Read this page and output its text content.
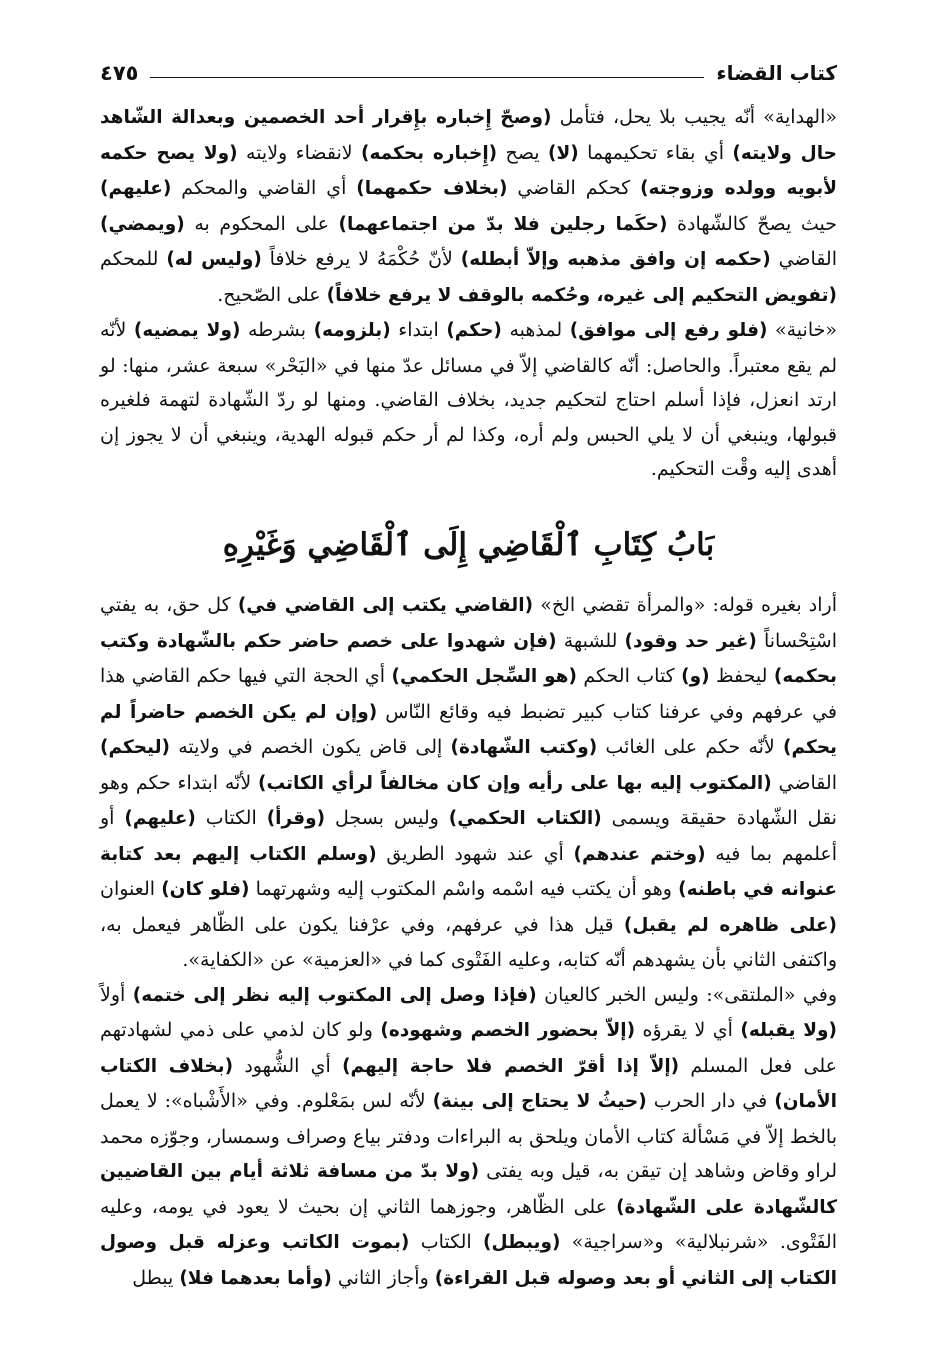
كتاب القضاء
٤٧٥
«الهداية» أنّه يجيب بلا يحل، فتأمل (وصحّ إِخباره بإِقرار أحد الخصمين وبعدالة الشّاهد حال ولايته) أي بقاء تحكيمهما (لا) يصح (إِخباره بحكمه) لانقضاء ولايته (ولا يصح حكمه لأبويه وولده وزوجته) كحكم القاضي (بخلاف حكمهما) أي القاضي والمحكم (عليهم) حيث يصحّ كالشّهادة (حكَما رجلين فلا بدّ من اجتماعهما) على المحكوم به (ويمضي) القاضي (حكمه إن وافق مذهبه وإلاّ أبطله) لأنّ حُكْمَهُ لا يرفع خلافاً (وليس له) للمحكم (تفويض التحكيم إلى غيره، وحُكمه بالوقف لا يرفع خلافاً) على الصّحيح.
«خانية» (فلو رفع إلى موافق) لمذهبه (حكم) ابتداء (بلزومه) بشرطه (ولا يمضيه) لأنّه لم يقع معتبراً. والحاصل: أنّه كالقاضي إلاّ في مسائل عدّ منها في «البَحْر» سبعة عشر، منها: لو ارتد انعزل، فإذا أسلم احتاج لتحكيم جديد، بخلاف القاضي. ومنها لو ردّ الشّهادة لتهمة فلغيره قبولها، وينبغي أن لا يلي الحبس ولم أره، وكذا لم أر حكم قبوله الهدية، وينبغي أن لا يجوز إن أهدى إليه وقْت التحكيم.
بَابُ كِتَابِ ٱلْقَاضِي إِلَى ٱلْقَاضِي وَغَيْرِهِ
أراد بغيره قوله: «والمرأة تقضي الخ» (القاضي يكتب إلى القاضي في) كل حق، به يفتي اسْتِحْساناً (غير حد وقود) للشبهة (فإن شهدوا على خصم حاضر حكم بالشّهادة وكتب بحكمه) ليحفظ (و) كتاب الحكم (هو السِّجل الحكمي) أي الحجة التي فيها حكم القاضي هذا في عرفهم وفي عرفنا كتاب كبير تضبط فيه وقائع النّاس (وإن لم يكن الخصم حاضراً لم يحكم) لأنّه حكم على الغائب (وكتب الشّهادة) إلى قاض يكون الخصم في ولايته (ليحكم) القاضي (المكتوب إليه بها على رأيه وإن كان مخالفاً لرأي الكاتب) لأنّه ابتداء حكم وهو نقل الشّهادة حقيقة ويسمى (الكتاب الحكمي) وليس بسجل (وقرأ) الكتاب (عليهم) أو أعلمهم بما فيه (وختم عندهم) أي عند شهود الطريق (وسلم الكتاب إليهم بعد كتابة عنوانه في باطنه) وهو أن يكتب فيه اسْمه واسْم المكتوب إليه وشهرتهما (فلو كان) العنوان (على ظاهره لم يقبل) قيل هذا في عرفهم، وفي عرْفنا يكون على الظّاهر فيعمل به، واكتفى الثاني بأن يشهدهم أنّه كتابه، وعليه الفَتْوى كما في «العزمية» عن «الكفاية».
وفي «الملتقى»: وليس الخبر كالعيان (فإذا وصل إلى المكتوب إليه نظر إلى ختمه) أولاً (ولا يقبله) أي لا يقرؤه (إلاّ بحضور الخصم وشهوده) ولو كان لذمي على ذمي لشهادتهم على فعل المسلم (إلاّ إذا أقرّ الخصم فلا حاجة إليهم) أي الشُّهود (بخلاف الكتاب الأمان) في دار الحرب (حيثُ لا يحتاج إلى بينة) لأنّه لس بمَعْلوم. وفي «الأَشْباه»: لا يعمل بالخط إلاّ في مَسْألة كتاب الأمان ويلحق به البراءات ودفتر بياع وصراف وسمسار، وجوّزه محمد لراو وقاض وشاهد إن تيقن به، قيل وبه يفتى (ولا بدّ من مسافة ثلاثة أيام بين القاضيين كالشّهادة على الشّهادة) على الظّاهر، وجوزهما الثاني إن بحيث لا يعود في يومه، وعليه الفَتْوى. «شرنبلالية» و«سراجية» (ويبطل) الكتاب (بموت الكاتب وعزله قبل وصول الكتاب إلى الثاني أو بعد وصوله قبل القراءة) وأجاز الثاني (وأما بعدهما فلا) يبطل
